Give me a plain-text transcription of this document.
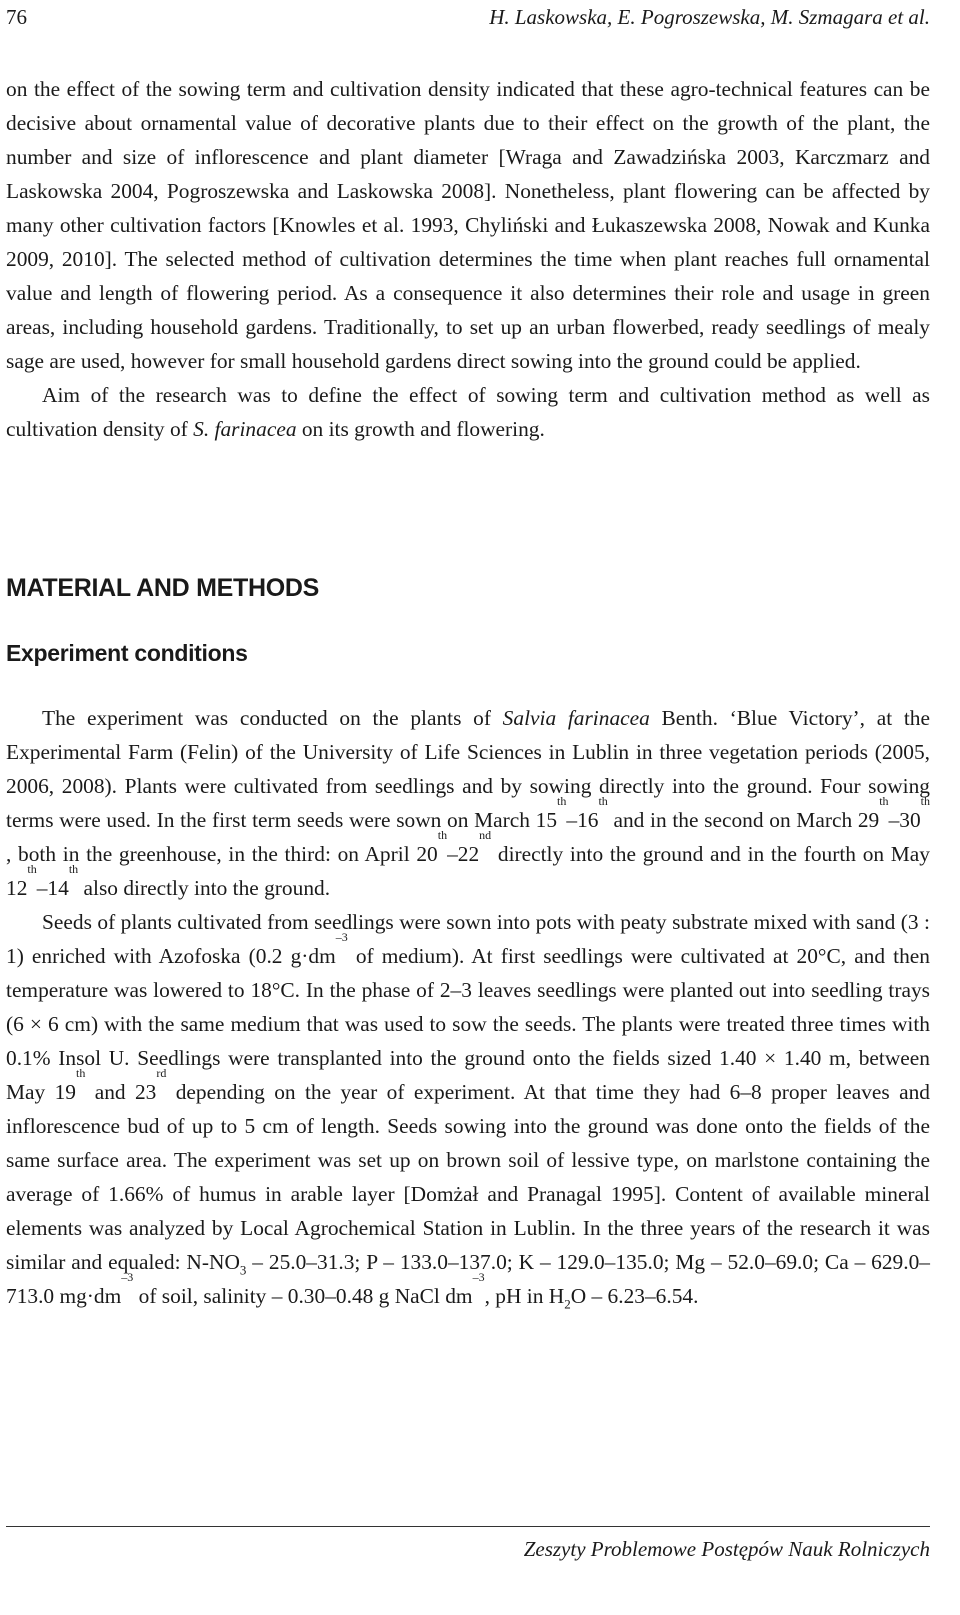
76	H. Laskowska, E. Pogroszewska, M. Szmagara et al.

on the effect of the sowing term and cultivation density indicated that these agro-technical features can be decisive about ornamental value of decorative plants due to their effect on the growth of the plant, the number and size of inflorescence and plant diameter [Wraga and Zawadzińska 2003, Karczmarz and Laskowska 2004, Pogroszewska and Laskowska 2008]. Nonetheless, plant flowering can be affected by many other cultivation factors [Knowles et al. 1993, Chyliński and Łukaszewska 2008, Nowak and Kunka 2009, 2010]. The selected method of cultivation determines the time when plant reaches full ornamental value and length of flowering period. As a consequence it also determines their role and usage in green areas, including household gardens. Traditionally, to set up an urban flowerbed, ready seedlings of mealy sage are used, however for small household gardens direct sowing into the ground could be applied.

Aim of the research was to define the effect of sowing term and cultivation method as well as cultivation density of S. farinacea on its growth and flowering.

MATERIAL AND METHODS
Experiment conditions

The experiment was conducted on the plants of Salvia farinacea Benth. ‘Blue Victory’, at the Experimental Farm (Felin) of the University of Life Sciences in Lublin in three vegetation periods (2005, 2006, 2008). Plants were cultivated from seedlings and by sowing directly into the ground. Four sowing terms were used. In the first term seeds were sown on March 15th–16th and in the second on March 29th–30th , both in the greenhouse, in the third: on April 20th–22nd directly into the ground and in the fourth on May 12th–14th also directly into the ground.

Seeds of plants cultivated from seedlings were sown into pots with peaty substrate mixed with sand (3 : 1) enriched with Azofoska (0.2 $g\cdot dm^{-3}$ of medium). At first seedlings were cultivated at 20°C, and then temperature was lowered to 18°C. In the phase of 2–3 leaves seedlings were planted out into seedling trays (6 × 6 cm) with the same medium that was used to sow the seeds. The plants were treated three times with 0.1% Insol U. Seedlings were transplanted into the ground onto the fields sized 1.40 × 1.40 m, between May 19th and 23rd depending on the year of experiment. At that time they had 6–8 proper leaves and inflorescence bud of up to 5 cm of length. Seeds sowing into the ground was done onto the fields of the same surface area. The experiment was set up on brown soil of lessive type, on marlstone containing the average of 1.66% of humus in arable layer [Domżał and Pranagal 1995]. Content of available mineral elements was analyzed by Local Agrochemical Station in Lublin. In the three years of the research it was similar and equaled: $N-NO_3 - 25.0-31.3$; P – 133.0–137.0; K – 129.0–135.0; Mg – 52.0–69.0; Ca – 629.0–713.0 $mg\cdot dm^{-3}$ of soil, salinity – 0.30–0.48 g NaCl $dm^{-3}$, pH in $H_2O - 6.23-6.54$.

Zeszyty Problemowe Postępów Nauk Rolniczych
